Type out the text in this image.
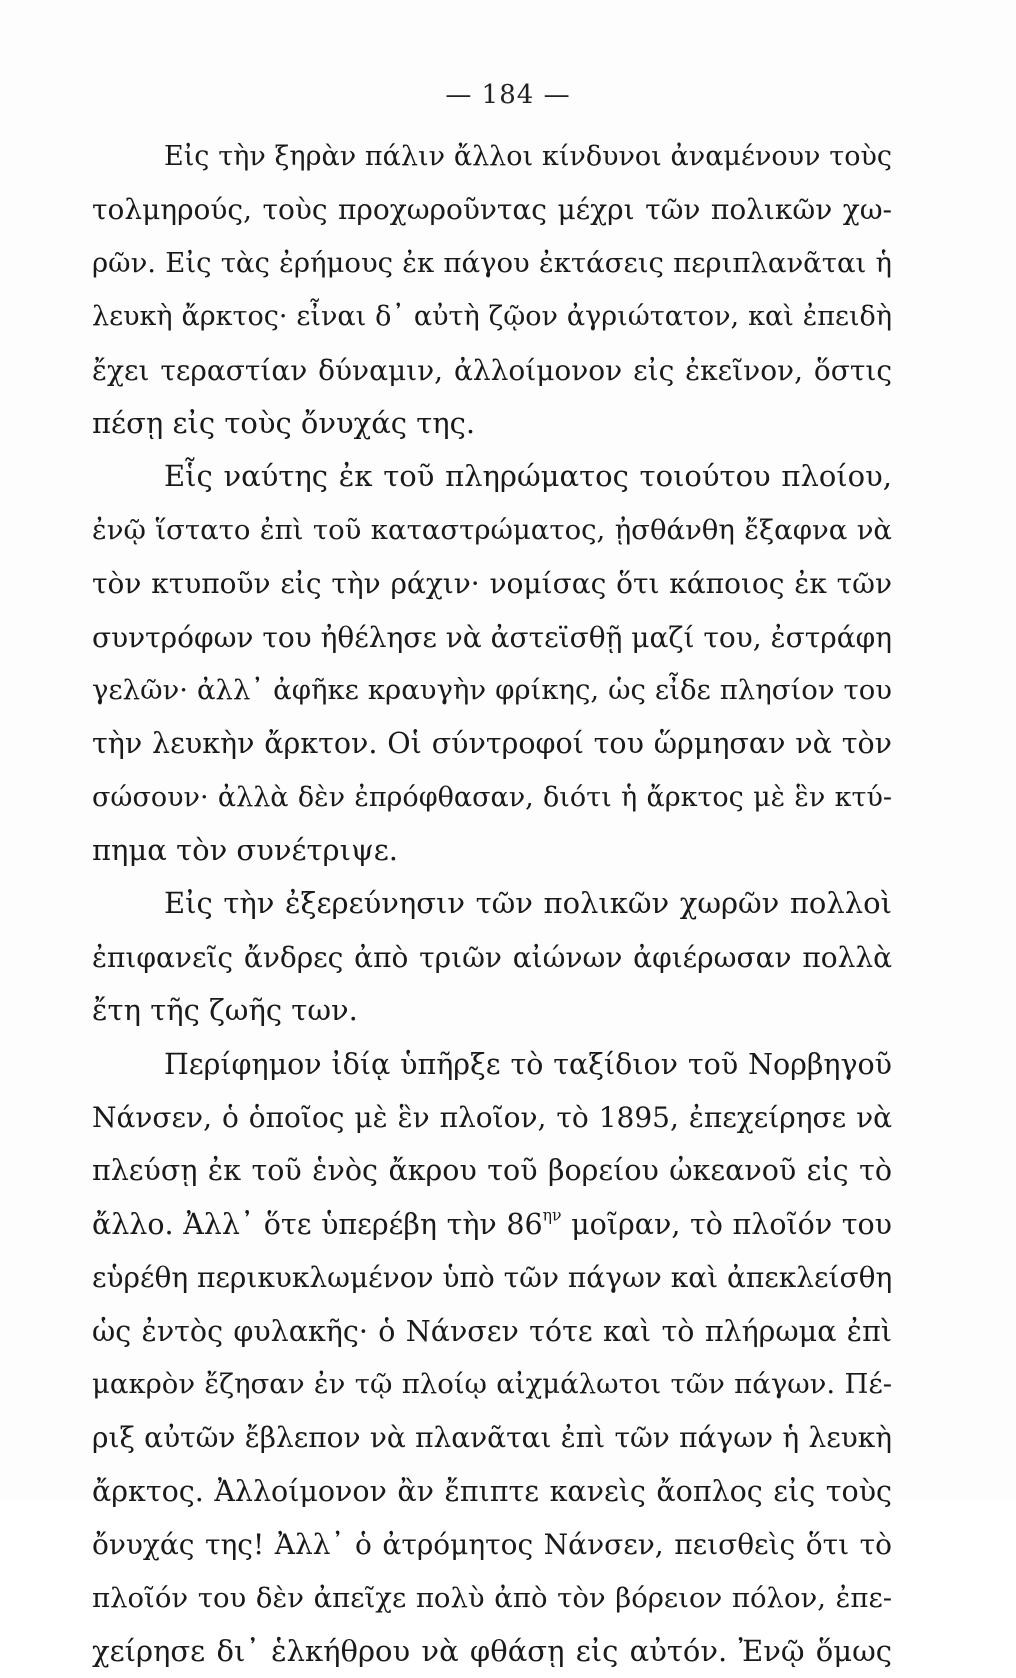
— 184 —
Εἰς τὴν ξηρὰν πάλιν ἄλλοι κίνδυνοι ἀναμένουν τοὺς
τολμηρούς, τοὺς προχωροῦντας μέχρι τῶν πολικῶν χω-
ρῶν. Εἰς τὰς ἐρήμους ἐκ πάγου ἐκτάσεις περιπλανᾶται ἡ
λευκὴ ἄρκτος· εἶναι δ᾽ αὐτὴ ζῷον ἀγριώτατον, καὶ ἐπειδὴ
ἔχει τεραστίαν δύναμιν, ἀλλοίμονον εἰς ἐκεῖνον, ὅστις
πέσῃ εἰς τοὺς ὄνυχάς της.
Εἷς ναύτης ἐκ τοῦ πληρώματος τοιούτου πλοίου,
ἐνῷ ἵστατο ἐπὶ τοῦ καταστρώματος, ᾐσθάνθη ἔξαφνα νὰ
τὸν κτυποῦν εἰς τὴν ράχιν· νομίσας ὅτι κάποιος ἐκ τῶν
συντρόφων του ἠθέλησε νὰ ἀστεϊσθῇ μαζί του, ἐστράφη
γελῶν· ἀλλ᾽ ἀφῆκε κραυγὴν φρίκης, ὡς εἶδε πλησίον του
τὴν λευκὴν ἄρκτον. Οἱ σύντροφοί του ὥρμησαν νὰ τὸν
σώσουν· ἀλλὰ δὲν ἐπρόφθασαν, διότι ἡ ἄρκτος μὲ ἓν κτύ-
πημα τὸν συνέτριψε.
Εἰς τὴν ἐξερεύνησιν τῶν πολικῶν χωρῶν πολλοὶ
ἐπιφανεῖς ἄνδρες ἀπὸ τριῶν αἰώνων ἀφιέρωσαν πολλὰ
ἔτη τῆς ζωῆς των.
Περίφημον ἰδίᾳ ὑπῆρξε τὸ ταξίδιον τοῦ Νορβηγοῦ
Νάνσεν, ὁ ὁποῖος μὲ ἓν πλοῖον, τὸ 1895, ἐπεχείρησε νὰ
πλεύσῃ ἐκ τοῦ ἑνὸς ἄκρου τοῦ βορείου ὠκεανοῦ εἰς τὸ
ἄλλο. Ἀλλ᾽ ὅτε ὑπερέβη τὴν $86^{\eta\nu}$ μοῖραν, τὸ πλοῖόν του
εὑρέθη περικυκλωμένον ὑπὸ τῶν πάγων καὶ ἀπεκλείσθη
ὡς ἐντὸς φυλακῆς· ὁ Νάνσεν τότε καὶ τὸ πλήρωμα ἐπὶ
μακρὸν ἔζησαν ἐν τῷ πλοίῳ αἰχμάλωτοι τῶν πάγων. Πέ-
ριξ αὐτῶν ἔβλεπον νὰ πλανᾶται ἐπὶ τῶν πάγων ἡ λευκὴ
ἄρκτος. Ἀλλοίμονον ἂν ἔπιπτε κανεὶς ἄοπλος εἰς τοὺς
ὄνυχάς της! Ἀλλ᾽ ὁ ἀτρόμητος Νάνσεν, πεισθεὶς ὅτι τὸ
πλοῖόν του δὲν ἀπεῖχε πολὺ ἀπὸ τὸν βόρειον πόλον, ἐπε-
χείρησε δι᾽ ἑλκήθρου νὰ φθάσῃ εἰς αὐτόν. Ἐνῷ ὅμως
